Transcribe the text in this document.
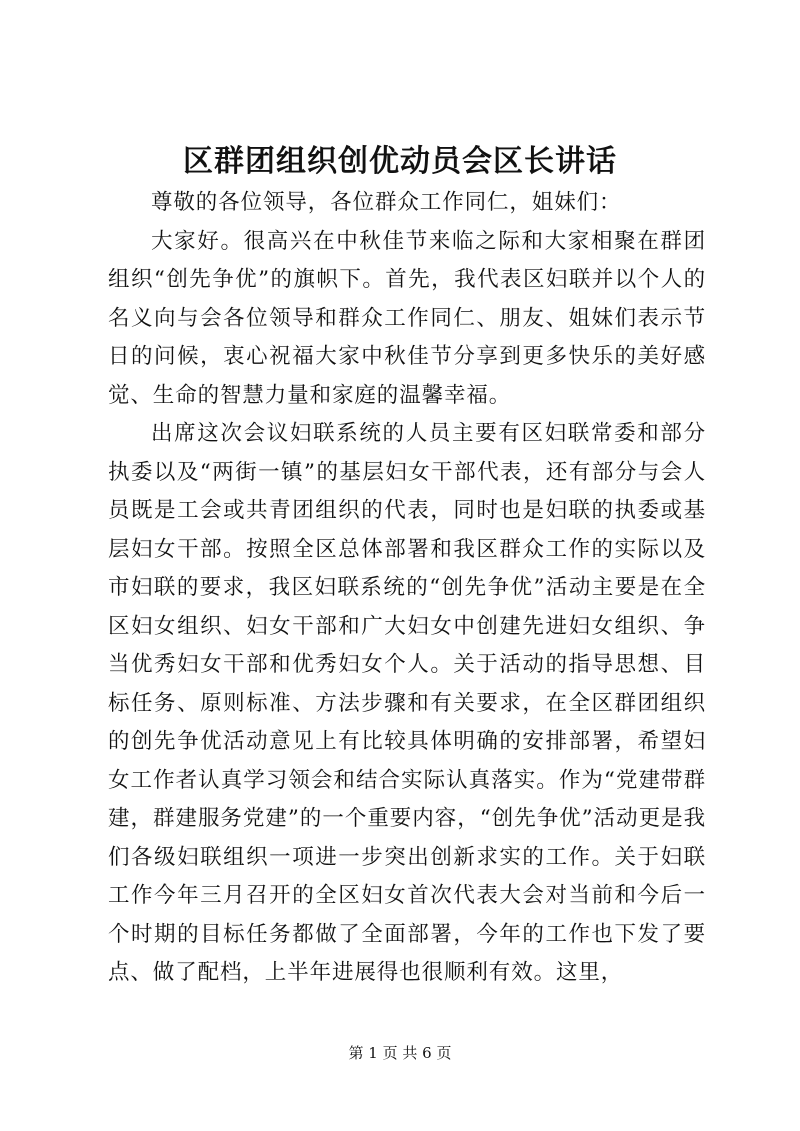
区群团组织创优动员会区长讲话

尊敬的各位领导，各位群众工作同仁，姐妹们：

大家好。很高兴在中秋佳节来临之际和大家相聚在群团组织“创先争优”的旗帜下。首先，我代表区妇联并以个人的名义向与会各位领导和群众工作同仁、朋友、姐妹们表示节日的问候，衷心祝福大家中秋佳节分享到更多快乐的美好感觉、生命的智慧力量和家庭的温馨幸福。

出席这次会议妇联系统的人员主要有区妇联常委和部分执委以及“两街一镇”的基层妇女干部代表，还有部分与会人员既是工会或共青团组织的代表，同时也是妇联的执委或基层妇女干部。按照全区总体部署和我区群众工作的实际以及市妇联的要求，我区妇联系统的“创先争优”活动主要是在全区妇女组织、妇女干部和广大妇女中创建先进妇女组织、争当优秀妇女干部和优秀妇女个人。关于活动的指导思想、目标任务、原则标准、方法步骤和有关要求，在全区群团组织的创先争优活动意见上有比较具体明确的安排部署，希望妇女工作者认真学习领会和结合实际认真落实。作为“党建带群建，群建服务党建”的一个重要内容，“创先争优”活动更是我们各级妇联组织一项进一步突出创新求实的工作。关于妇联工作今年三月召开的全区妇女首次代表大会对当前和今后一个时期的目标任务都做了全面部署，今年的工作也下发了要点、做了配档，上半年进展得也很顺利有效。这里，

第 1 页 共 6 页
